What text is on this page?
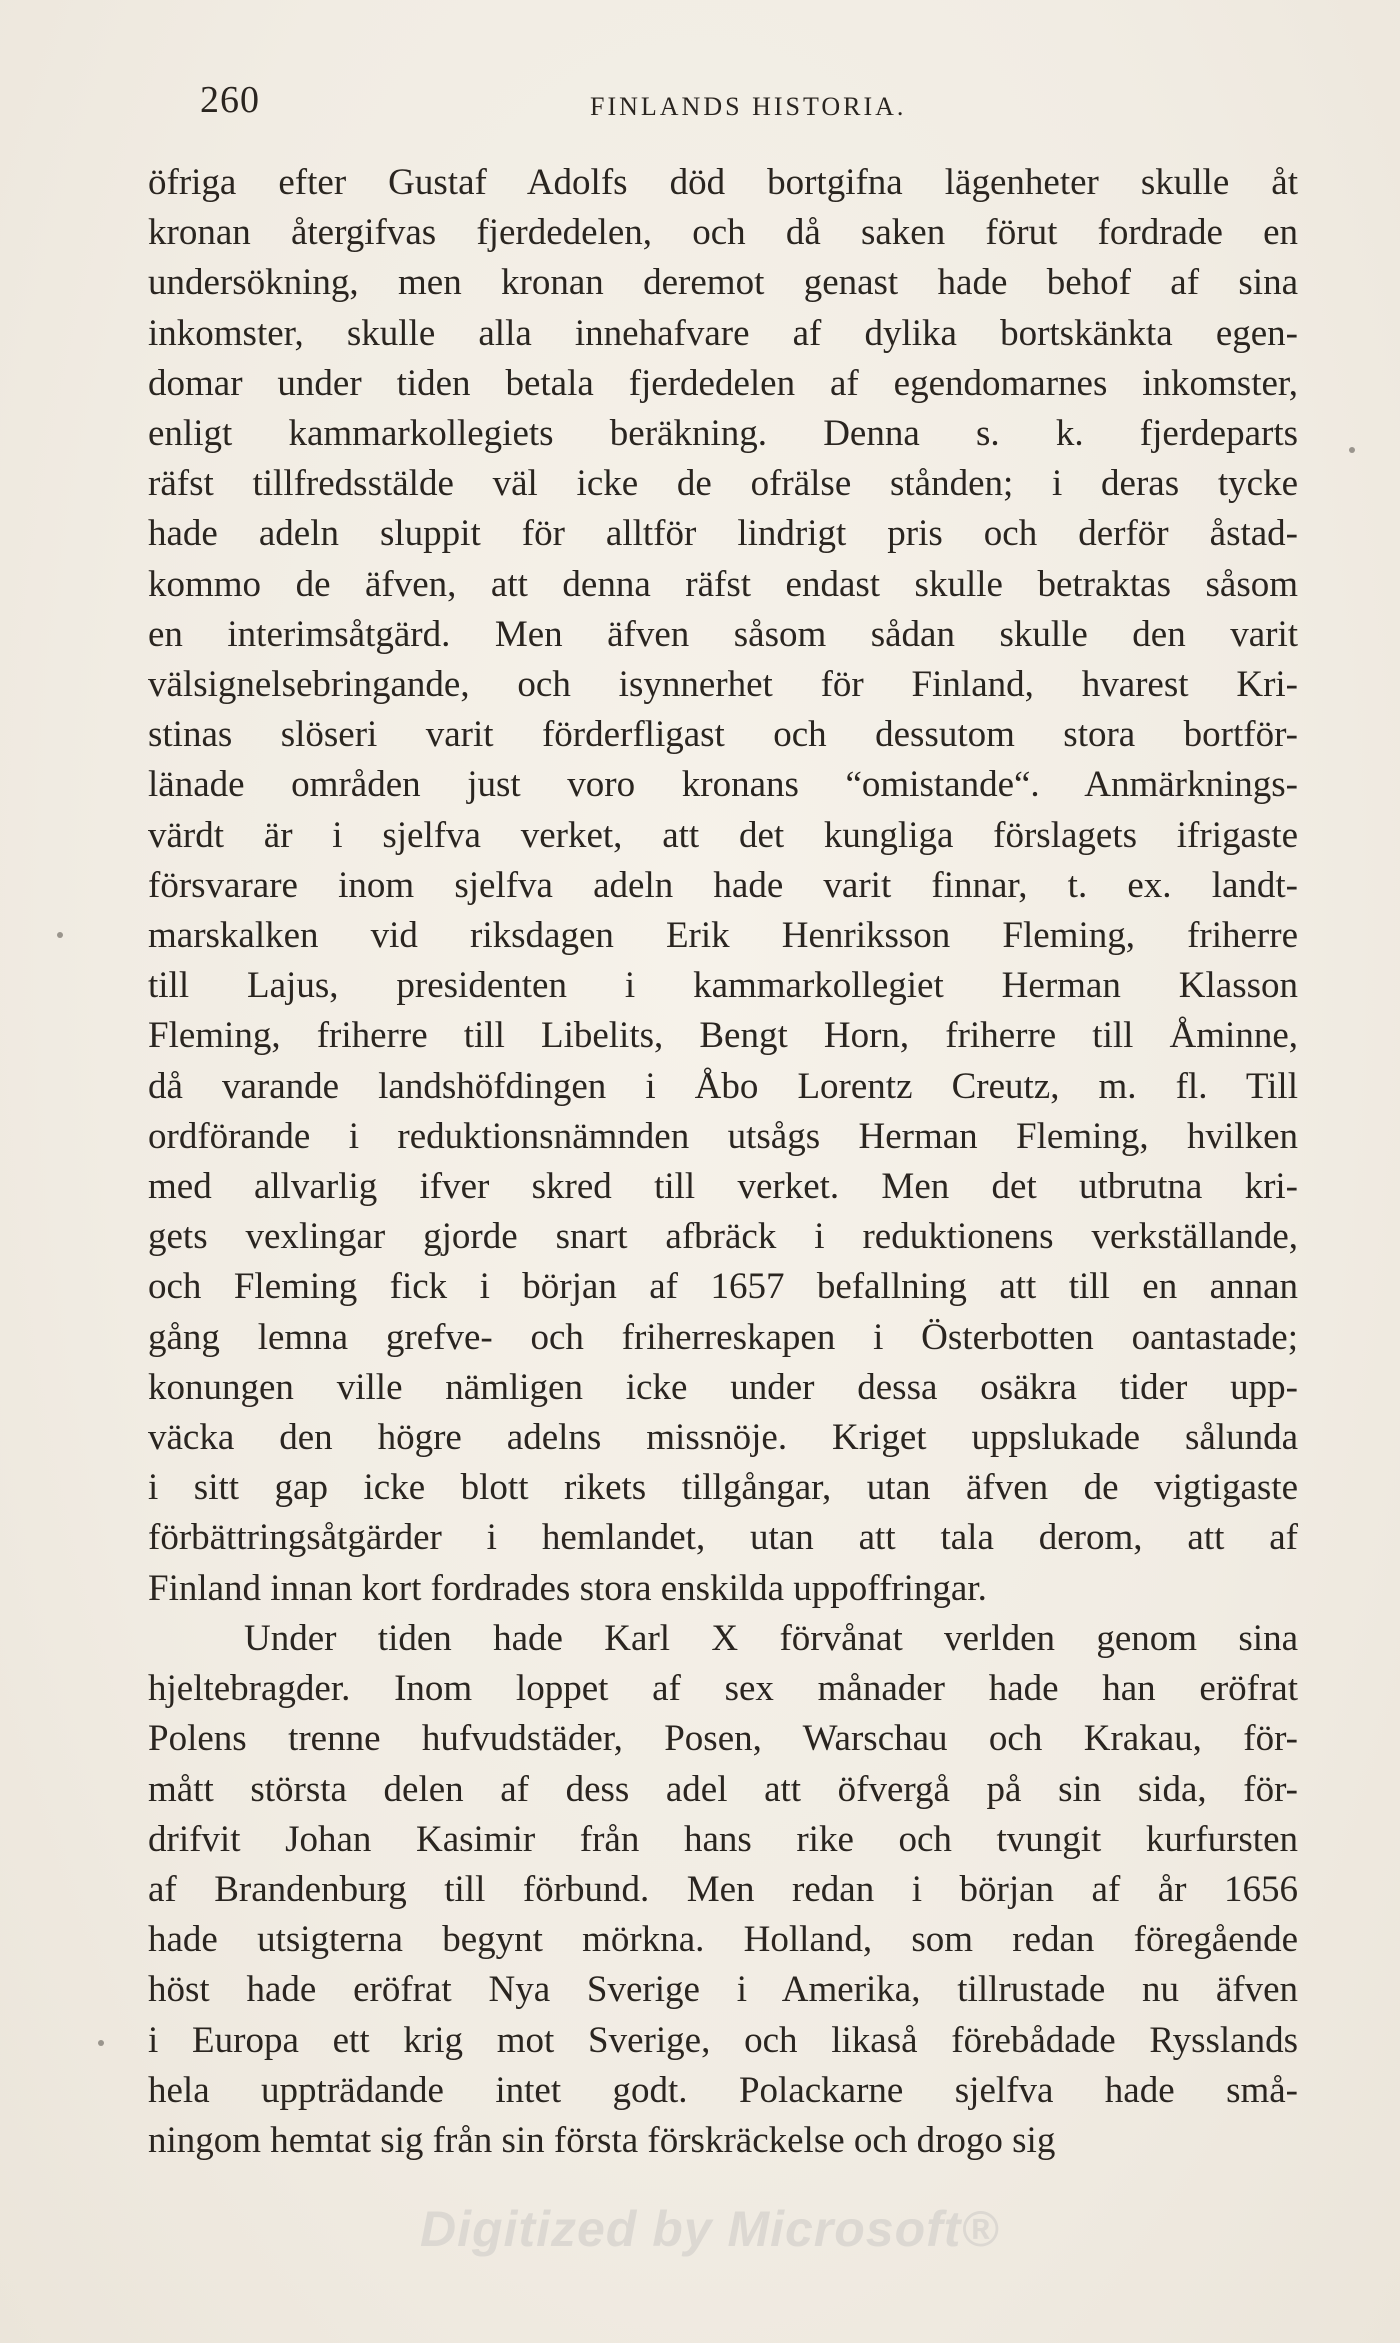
260	FINLANDS HISTORIA.
öfriga efter Gustaf Adolfs död bortgifna lägenheter skulle åt
kronan återgifvas fjerdedelen, och då saken förut fordrade en
undersökning, men kronan deremot genast hade behof af sina
inkomster, skulle alla innehafvare af dylika bortskänkta egen-
domar under tiden betala fjerdedelen af egendomarnes inkomster,
enligt kammarkollegiets beräkning. Denna s. k. fjerdeparts
räfst tillfredsstälde väl icke de ofrälse stånden; i deras tycke
hade adeln sluppit för alltför lindrigt pris och derför åstad-
kommo de äfven, att denna räfst endast skulle betraktas såsom
en interimsåtgärd. Men äfven såsom sådan skulle den varit
välsignelsebringande, och isynnerhet för Finland, hvarest Kri-
stinas slöseri varit förderfligast och dessutom stora bortför-
länade områden just voro kronans “omistande“. Anmärknings-
värdt är i sjelfva verket, att det kungliga förslagets ifrigaste
försvarare inom sjelfva adeln hade varit finnar, t. ex. landt-
marskalken vid riksdagen Erik Henriksson Fleming, friherre
till Lajus, presidenten i kammarkollegiet Herman Klasson
Fleming, friherre till Libelits, Bengt Horn, friherre till Åminne,
då varande landshöfdingen i Åbo Lorentz Creutz, m. fl. Till
ordförande i reduktionsnämnden utsågs Herman Fleming, hvilken
med allvarlig ifver skred till verket. Men det utbrutna kri-
gets vexlingar gjorde snart afbräck i reduktionens verkställande,
och Fleming fick i början af 1657 befallning att till en annan
gång lemna grefve- och friherreskapen i Österbotten oantastade;
konungen ville nämligen icke under dessa osäkra tider upp-
väcka den högre adelns missnöje. Kriget uppslukade sålunda
i sitt gap icke blott rikets tillgångar, utan äfven de vigtigaste
förbättringsåtgärder i hemlandet, utan att tala derom, att af
Finland innan kort fordrades stora enskilda uppoffringar.
Under tiden hade Karl X förvånat verlden genom sina
hjeltebragder. Inom loppet af sex månader hade han eröfrat
Polens trenne hufvudstäder, Posen, Warschau och Krakau, för-
mått största delen af dess adel att öfvergå på sin sida, för-
drifvit Johan Kasimir från hans rike och tvungit kurfursten
af Brandenburg till förbund. Men redan i början af år 1656
hade utsigterna begynt mörkna. Holland, som redan föregående
höst hade eröfrat Nya Sverige i Amerika, tillrustade nu äfven
i Europa ett krig mot Sverige, och likaså förebådade Rysslands
hela uppträdande intet godt. Polackarne sjelfva hade små-
ningom hemtat sig från sin första förskräckelse och drogo sig
Digitized by Microsoft®
